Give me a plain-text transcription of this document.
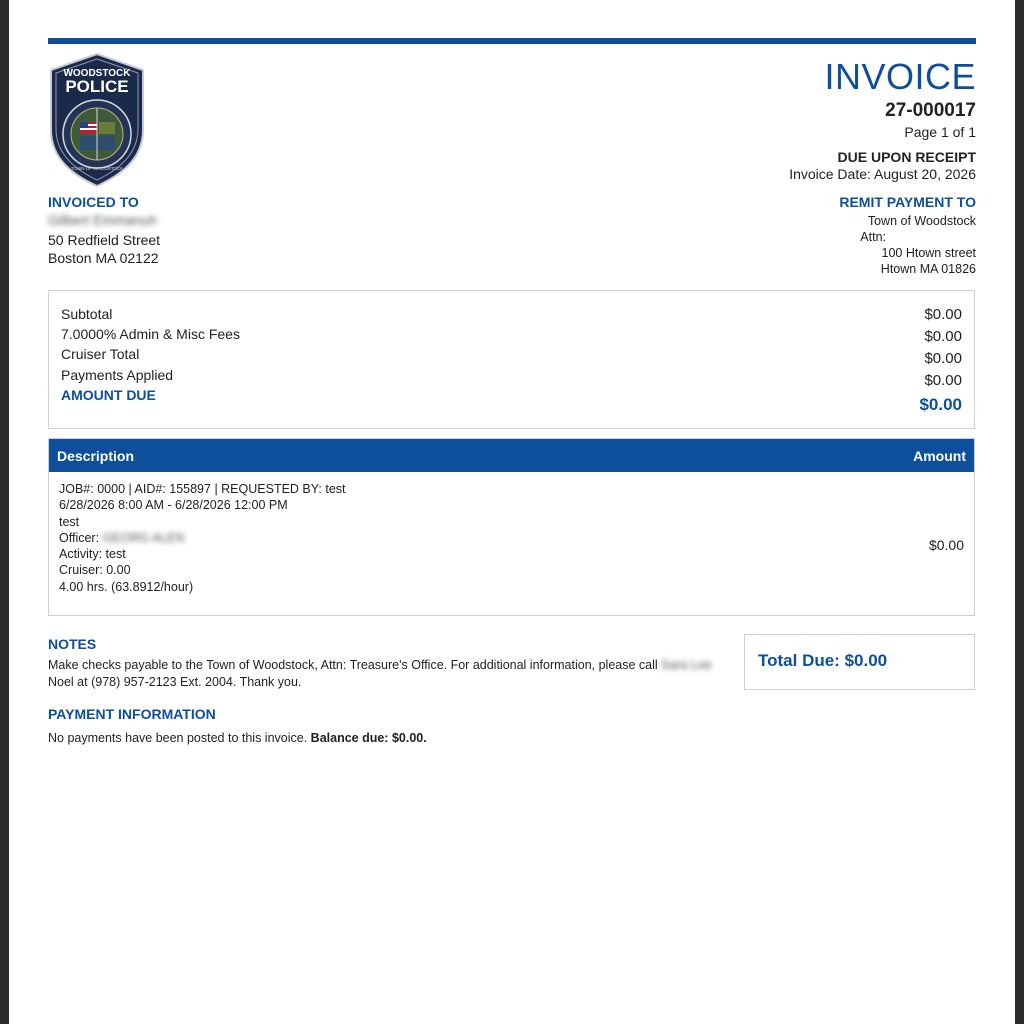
WOODSTOCK
POLICE
TOWN OF WOODSTOCK
INVOICE
27-000017
Page 1 of 1
DUE UPON RECEIPT
Invoice Date: August 20, 2026
INVOICED TO
Gilbert Emmanuh
50 Redfield Street
Boston MA 02122
REMIT PAYMENT TO
Town of Woodstock
Attn:
100 Htown street
Htown MA 01826
Subtotal	$0.00
7.0000% Admin & Misc Fees	$0.00
Cruiser Total	$0.00
Payments Applied	$0.00
AMOUNT DUE	$0.00
Description	Amount
JOB#: 0000 | AID#: 155897 | REQUESTED BY: test
6/28/2026 8:00 AM - 6/28/2026 12:00 PM
test
Officer: GEORG ALEN
Activity: test
Cruiser: 0.00
4.00 hrs. (63.8912/hour)
$0.00
NOTES
Make checks payable to the Town of Woodstock, Attn: Treasure's Office. For additional information, please call Sara Lee Noel at (978) 957-2123 Ext. 2004. Thank you.
Total Due: $0.00
PAYMENT INFORMATION
No payments have been posted to this invoice. Balance due: $0.00.
